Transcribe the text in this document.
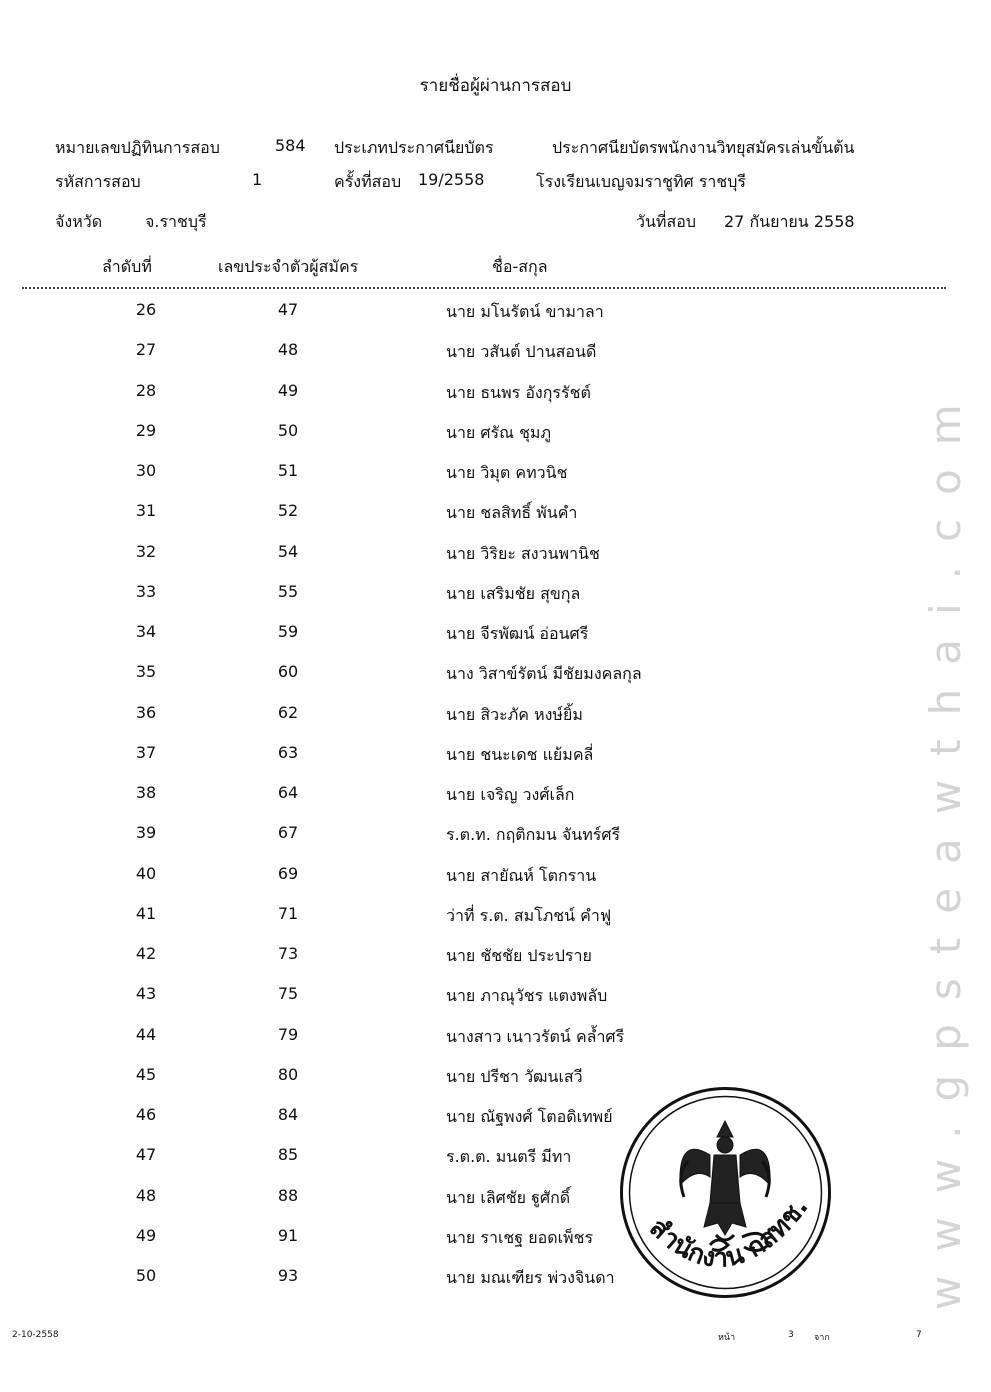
รายชื่อผู้ผ่านการสอบ
หมายเลขปฏิทินการสอบ	584 ประเภทประกาศนียบัตร	ประกาศนียบัตรพนักงานวิทยุสมัครเล่นขั้นต้น
รหัสการสอบ	1	ครั้งที่สอบ 19/2558	โรงเรียนเบญจมราชูทิศ ราชบุรี
จังหวัด	จ.ราชบุรี	วันที่สอบ 27 กันยายน 2558
ลำดับที่	เลขประจำตัวผู้สมัคร	ชื่อ-สกุล
26	47	นาย มโนรัตน์ ขามาลา
27	48	นาย วสันต์ ปานสอนดี
28	49	นาย ธนพร อังกุรรัชต์
29	50	นาย ศรัณ ชุมภู
30	51	นาย วิมุต คทวนิช
31	52	นาย ชลสิทธิ์ พันคำ
32	54	นาย วิริยะ สงวนพานิช
33	55	นาย เสริมชัย สุขกุล
34	59	นาย จีรพัฒน์ อ่อนศรี
35	60	นาง วิสาข์รัตน์ มีชัยมงคลกุล
36	62	นาย สิวะภัค หงษ์ยิ้ม
37	63	นาย ชนะเดช แย้มคลี่
38	64	นาย เจริญ วงศ์เล็ก
39	67	ร.ต.ท. กฤติกมน จันทร์ศรี
40	69	นาย สายัณห์ โตกราน
41	71	ว่าที่ ร.ต. สมโภชน์ คำฟู
42	73	นาย ชัชชัย ประปราย
43	75	นาย ภาณุวัชร แตงพลับ
44	79	นางสาว เนาวรัตน์ คล้ำศรี
45	80	นาย ปรีชา วัฒนเสวี
46	84	นาย ณัฐพงศ์ โตอดิเทพย์
47	85	ร.ต.ต. มนตรี มีทา
48	88	นาย เลิศชัย ฐูศักดิ์
49	91	นาย ราเชฐ ยอดเพ็ชร
50	93	นาย มณเฑียร พ่วงจินดา
2-10-2558	หน้า	3 จาก	7
สำนักงาน กสทช.	www.gpsteawthai.com
